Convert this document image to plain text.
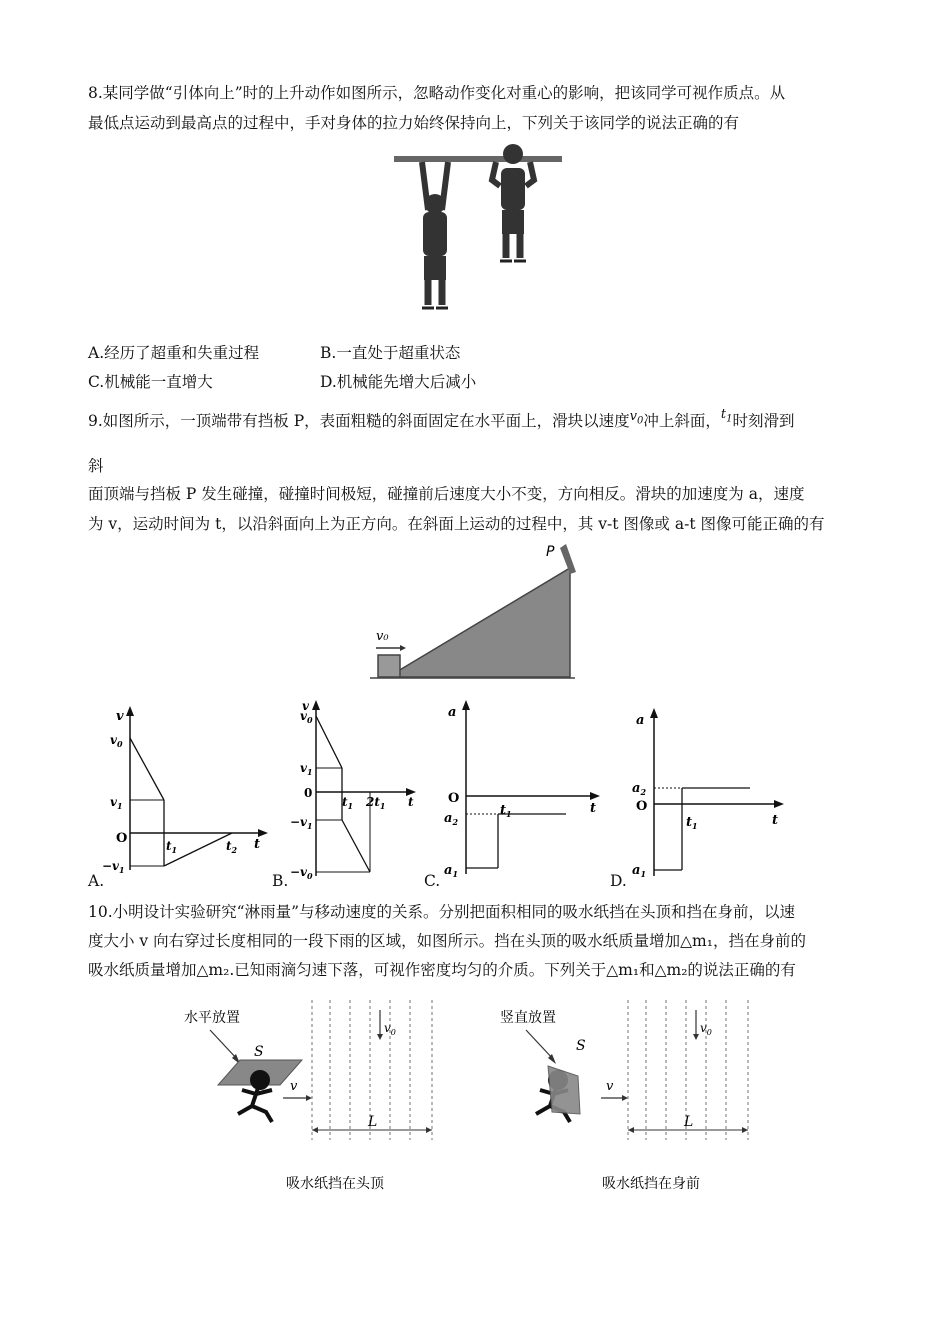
8.某同学做“引体向上”时的上升动作如图所示，忽略动作变化对重心的影响，把该同学可视作质点。从
最低点运动到最高点的过程中，手对身体的拉力始终保持向上，下列关于该同学的说法正确的有
A.经历了超重和失重过程	B.一直处于超重状态
C.机械能一直增大	D.机械能先增大后减小
9.如图所示，一顶端带有挡板 P，表面粗糙的斜面固定在水平面上，滑块以速度$^{v_0}$冲上斜面，$^{t_1}$时刻滑到
斜
面顶端与挡板 P 发生碰撞，碰撞时间极短，碰撞前后速度大小不变，方向相反。滑块的加速度为 a，速度
为 v，运动时间为 t，以沿斜面向上为正方向。在斜面上运动的过程中，其 v-t 图像或 a-t 图像可能正确的有
P
v₀
v
t
$v_0$
$v_1$
O
$-v_1$
$t_1$	$t_2$
A.
v
t
$v_0$
$v_1$
0
$-v_1$
$-v_0$
$t_1$ $2t_1$
B.
a
t
O
$a_2$
$a_1$
$t_1$
C.
a
t
$a_2$
O
$a_1$
$t_1$
D.
10.小明设计实验研究“淋雨量”与移动速度的关系。分别把面积相同的吸水纸挡在头顶和挡在身前，以速
度大小 v 向右穿过长度相同的一段下雨的区域，如图所示。挡在头顶的吸水纸质量增加△m₁，挡在身前的
吸水纸质量增加△m₂.已知雨滴匀速下落，可视作密度均匀的介质。下列关于△m₁和△m₂的说法正确的有
水平放置
S
v
$v_0$
L
吸水纸挡在头顶
竖直放置
S
v
$v_0$
L
吸水纸挡在身前
